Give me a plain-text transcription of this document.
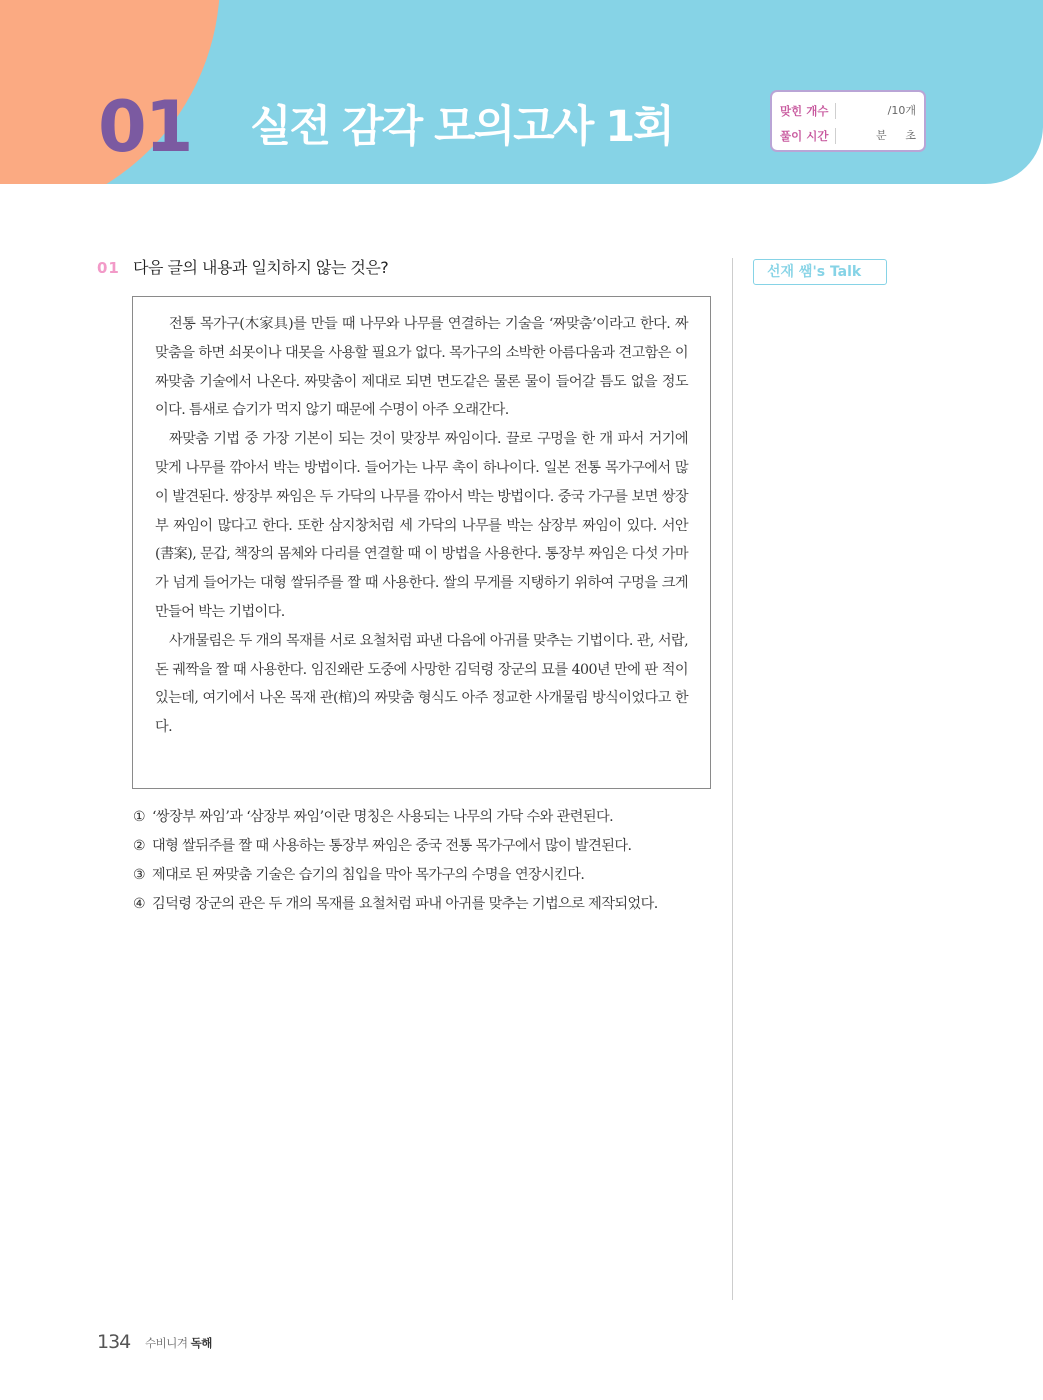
01 실전 감각 모의고사 1회	맞힌 개수	/10개
풀이 시간	분 초
선재 쌤's Talk
01 다음 글의 내용과 일치하지 않는 것은?

전통 목가구(木家具)를 만들 때 나무와 나무를 연결하는 기술을 ‘짜맞춤’이라고 한다. 짜맞춤을 하면 쇠못이나 대못을 사용할 필요가 없다. 목가구의 소박한 아름다움과 견고함은 이 짜맞춤 기술에서 나온다. 짜맞춤이 제대로 되면 면도같은 물론 물이 들어갈 틈도 없을 정도이다. 틈새로 습기가 먹지 않기 때문에 수명이 아주 오래간다.

짜맞춤 기법 중 가장 기본이 되는 것이 맞장부 짜임이다. 끌로 구멍을 한 개 파서 거기에 맞게 나무를 깎아서 박는 방법이다. 들어가는 나무 촉이 하나이다. 일본 전통 목가구에서 많이 발견된다. 쌍장부 짜임은 두 가닥의 나무를 깎아서 박는 방법이다. 중국 가구를 보면 쌍장부 짜임이 많다고 한다. 또한 삼지창처럼 세 가닥의 나무를 박는 삼장부 짜임이 있다. 서안(書案), 문갑, 책장의 몸체와 다리를 연결할 때 이 방법을 사용한다. 통장부 짜임은 다섯 가마가 넘게 들어가는 대형 쌀뒤주를 짤 때 사용한다. 쌀의 무게를 지탱하기 위하여 구멍을 크게 만들어 박는 기법이다.

사개물림은 두 개의 목재를 서로 요철처럼 파낸 다음에 아귀를 맞추는 기법이다. 관, 서랍, 돈 궤짝을 짤 때 사용한다. 임진왜란 도중에 사망한 김덕령 장군의 묘를 400년 만에 판 적이 있는데, 여기에서 나온 목재 관(棺)의 짜맞춤 형식도 아주 정교한 사개물림 방식이었다고 한다.

① ‘쌍장부 짜임’과 ‘삼장부 짜임’이란 명칭은 사용되는 나무의 가닥 수와 관련된다.
② 대형 쌀뒤주를 짤 때 사용하는 통장부 짜임은 중국 전통 목가구에서 많이 발견된다.
③ 제대로 된 짜맞춤 기술은 습기의 침입을 막아 목가구의 수명을 연장시킨다.
④ 김덕령 장군의 관은 두 개의 목재를 요철처럼 파내 아귀를 맞추는 기법으로 제작되었다.
134 수비니겨 독해
